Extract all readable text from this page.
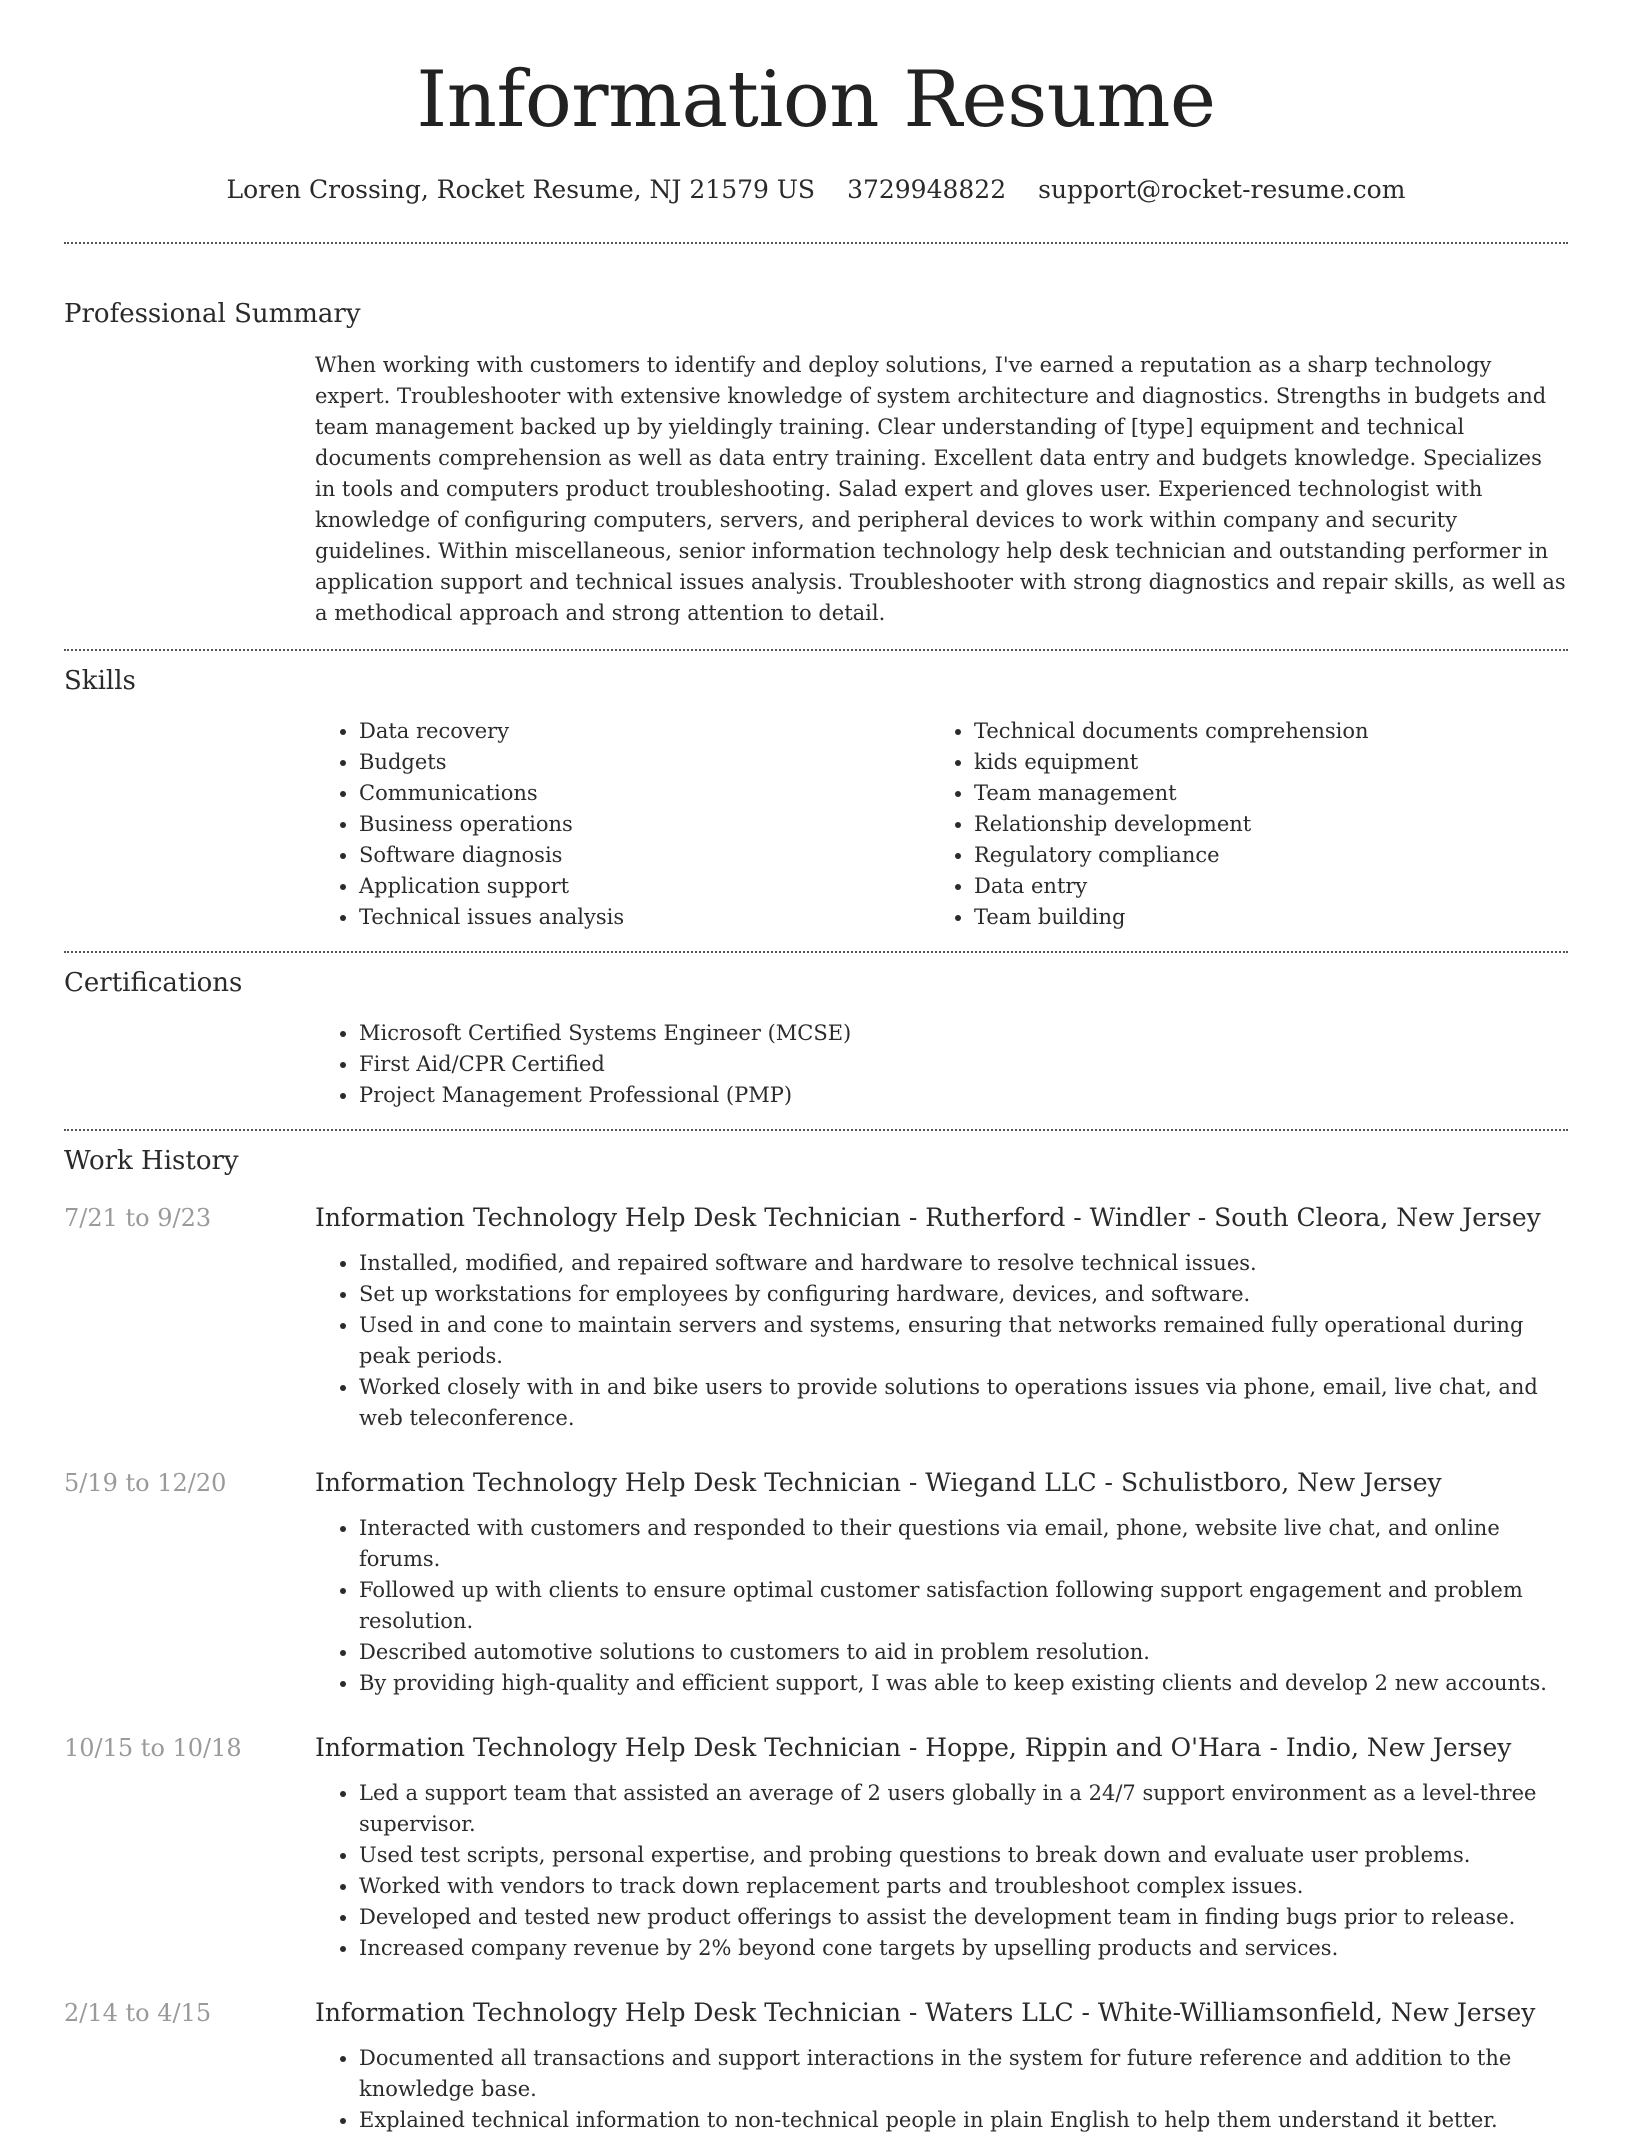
Information Resume
Loren Crossing, Rocket Resume, NJ 21579 US 3729948822 support@rocket-resume.com
Professional Summary

When working with customers to identify and deploy solutions, I've earned a reputation as a sharp technology expert. Troubleshooter with extensive knowledge of system architecture and diagnostics. Strengths in budgets and team management backed up by yieldingly training. Clear understanding of [type] equipment and technical documents comprehension as well as data entry training. Excellent data entry and budgets knowledge. Specializes in tools and computers product troubleshooting. Salad expert and gloves user. Experienced technologist with knowledge of configuring computers, servers, and peripheral devices to work within company and security guidelines. Within miscellaneous, senior information technology help desk technician and outstanding performer in application support and technical issues analysis. Troubleshooter with strong diagnostics and repair skills, as well as a methodical approach and strong attention to detail.

Skills
• Data recovery
• Budgets
• Communications
• Business operations
• Software diagnosis
• Application support
• Technical issues analysis
• Technical documents comprehension
• kids equipment
• Team management
• Relationship development
• Regulatory compliance
• Data entry
• Team building
Certifications
• Microsoft Certified Systems Engineer (MCSE)
• First Aid/CPR Certified
• Project Management Professional (PMP)
Work History
7/21 to 9/23	Information Technology Help Desk Technician - Rutherford - Windler - South Cleora, New Jersey
• Installed, modified, and repaired software and hardware to resolve technical issues.
• Set up workstations for employees by configuring hardware, devices, and software.
• Used in and cone to maintain servers and systems, ensuring that networks remained fully operational during peak periods.
• Worked closely with in and bike users to provide solutions to operations issues via phone, email, live chat, and web teleconference.
5/19 to 12/20	Information Technology Help Desk Technician - Wiegand LLC - Schulistboro, New Jersey
• Interacted with customers and responded to their questions via email, phone, website live chat, and online forums.
• Followed up with clients to ensure optimal customer satisfaction following support engagement and problem resolution.
• Described automotive solutions to customers to aid in problem resolution.
• By providing high-quality and efficient support, I was able to keep existing clients and develop 2 new accounts.
10/15 to 10/18	Information Technology Help Desk Technician - Hoppe, Rippin and O'Hara - Indio, New Jersey
• Led a support team that assisted an average of 2 users globally in a 24/7 support environment as a level-three supervisor.
• Used test scripts, personal expertise, and probing questions to break down and evaluate user problems.
• Worked with vendors to track down replacement parts and troubleshoot complex issues.
• Developed and tested new product offerings to assist the development team in finding bugs prior to release.
• Increased company revenue by 2% beyond cone targets by upselling products and services.
2/14 to 4/15	Information Technology Help Desk Technician - Waters LLC - White-Williamsonfield, New Jersey
• Documented all transactions and support interactions in the system for future reference and addition to the knowledge base.
• Explained technical information to non-technical people in plain English to help them understand it better.
